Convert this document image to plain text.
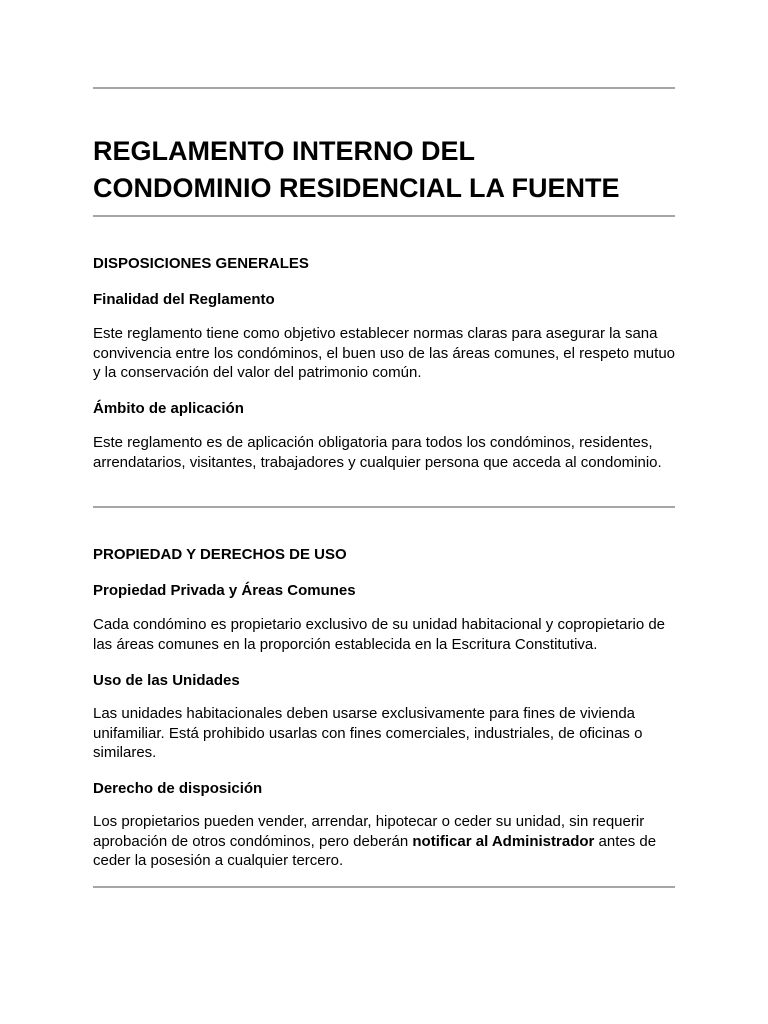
REGLAMENTO INTERNO DEL
CONDOMINIO RESIDENCIAL LA FUENTE
DISPOSICIONES GENERALES
Finalidad del Reglamento

Este reglamento tiene como objetivo establecer normas claras para asegurar la sana convivencia entre los condóminos, el buen uso de las áreas comunes, el respeto mutuo y la conservación del valor del patrimonio común.

Ámbito de aplicación

Este reglamento es de aplicación obligatoria para todos los condóminos, residentes, arrendatarios, visitantes, trabajadores y cualquier persona que acceda al condominio.

PROPIEDAD Y DERECHOS DE USO
Propiedad Privada y Áreas Comunes

Cada condómino es propietario exclusivo de su unidad habitacional y copropietario de las áreas comunes en la proporción establecida en la Escritura Constitutiva.

Uso de las Unidades

Las unidades habitacionales deben usarse exclusivamente para fines de vivienda unifamiliar. Está prohibido usarlas con fines comerciales, industriales, de oficinas o similares.

Derecho de disposición

Los propietarios pueden vender, arrendar, hipotecar o ceder su unidad, sin requerir aprobación de otros condóminos, pero deberán notificar al Administrador antes de ceder la posesión a cualquier tercero.
